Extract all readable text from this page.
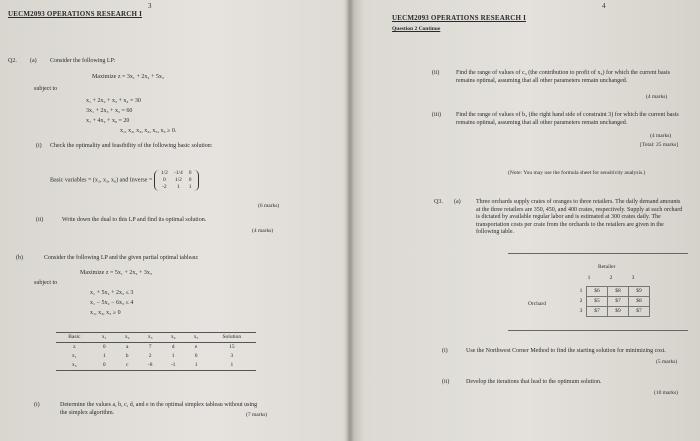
UECM2093 OPERATIONS RESEARCH I
3
Q2. (a) Consider the following LP:
Maximize z = 3x₁ + 2x₂ + 5x₃
subject to
x₁ + 2x₂ + x₃ + x₄ = 30
3x₁ + 2x₃ + x₅ = 60
x₁ + 4x₂ + x₆ = 20
x₁, x₂, x₃, x₄, x₅, x₆ ≥ 0.
(i) Check the optimality and feasibility of the following basic solution:
Basic variables = (x₂, x₃, x₆) and Inverse =
1/2	-1/4	0
0	1/2	0
-2	1	1
(6 marks)
(ii)	Write down the dual to this LP and find its optimal solution.
(4 marks)
(b)	Consider the following LP and the given partial optimal tableau:
Maximize z = 5x₁ + 2x₂ + 3x₃
subject to
x₁ + 5x₂ + 2x₃ ≤ 3
x₁ − 5x₂ − 6x₃ ≤ 4
x₁, x₂, x₃ ≥ 0
Basic	x₁	x₂	x₃	x₄	x₅	Solution
z	0	a	7	d	e	15
x₁	1	b	2	1	0	3
x₅	0	c	-8	-1	1	1
(i)	Determine the values a, b, c, d, and e in the optimal simplex tableau without using the simplex algorithm.	(7 marks)
4
UECM2093 OPERATIONS RESEARCH I
Question 2 Continue
(ii)	Find the range of values of c₃ (the contribution to profit of x₃) for which the current basis remains optimal, assuming that all other parameters remain unchanged.
(4 marks)
(iii)	Find the range of values of b₃ (the right hand side of constraint 3) for which the current basis remains optimal, assuming that all other parameters remain unchanged.
(4 marks)
[Total: 25 marks]
(Note: You may use the formula sheet for sensitivity analysis.)
Q3. (a)	Three orchards supply crates of oranges to three retailers. The daily demand amounts at the three retailers are 350, 450, and 400 crates, respectively. Supply at each orchard is dictated by available regular labor and is estimated at 300 crates daily. The transportation costs per crate from the orchards to the retailers are given in the following table.
Retailer
Orchard
	1	2	3
1	$6	$8	$9
2	$5	$7	$8
3	$7	$9	$7
(i)	Use the Northwest Corner Method to find the starting solution for minimizing cost.
(5 marks)
(ii)	Develop the iterations that lead to the optimum solution.
(10 marks)
